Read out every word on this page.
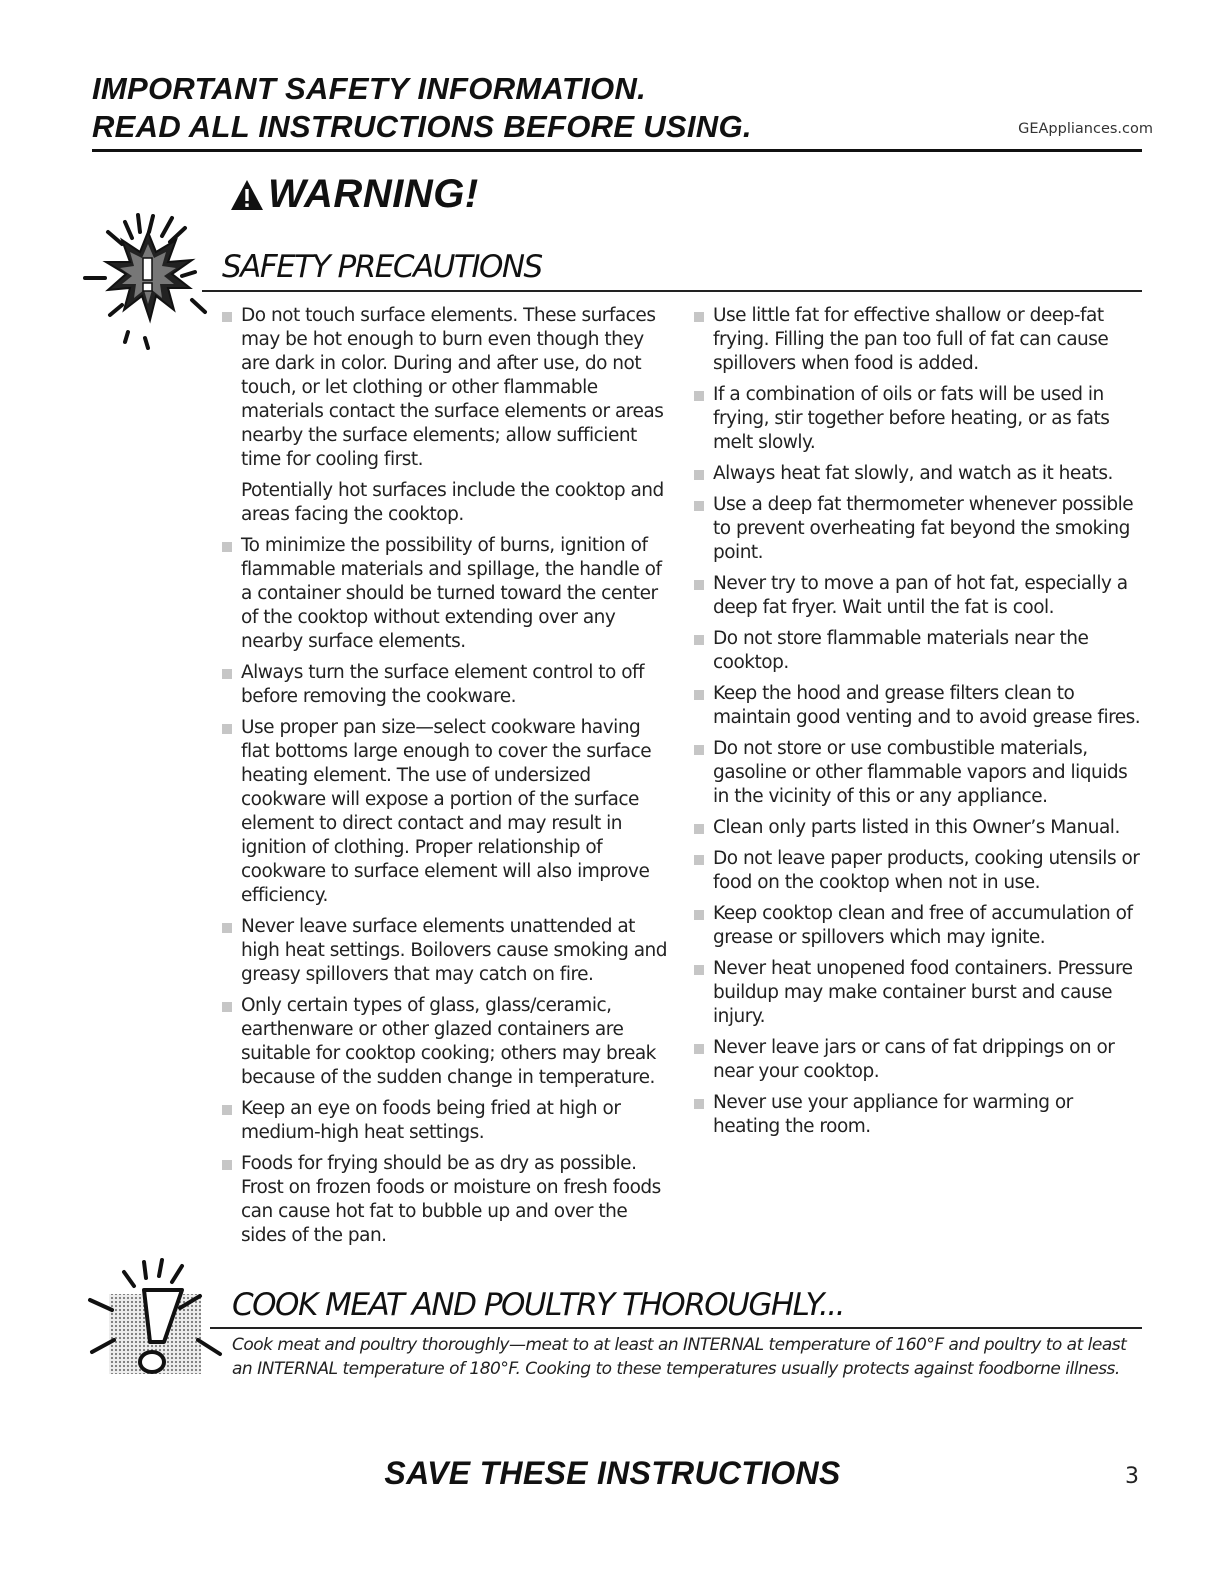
IMPORTANT SAFETY INFORMATION.
READ ALL INSTRUCTIONS BEFORE USING.	GEAppliances.com
WARNING!
SAFETY PRECAUTIONS
Do not touch surface elements. These surfaces may be hot enough to burn even though they are dark in color. During and after use, do not touch, or let clothing or other flammable materials contact the surface elements or areas nearby the surface elements; allow sufficient time for cooling first.
Potentially hot surfaces include the cooktop and areas facing the cooktop.
To minimize the possibility of burns, ignition of flammable materials and spillage, the handle of a container should be turned toward the center of the cooktop without extending over any nearby surface elements.
Always turn the surface element control to off before removing the cookware.
Use proper pan size—select cookware having flat bottoms large enough to cover the surface heating element. The use of undersized cookware will expose a portion of the surface element to direct contact and may result in ignition of clothing. Proper relationship of cookware to surface element will also improve efficiency.
Never leave surface elements unattended at high heat settings. Boilovers cause smoking and greasy spillovers that may catch on fire.
Only certain types of glass, glass/ceramic, earthenware or other glazed containers are suitable for cooktop cooking; others may break because of the sudden change in temperature.
Keep an eye on foods being fried at high or medium-high heat settings.
Foods for frying should be as dry as possible. Frost on frozen foods or moisture on fresh foods can cause hot fat to bubble up and over the sides of the pan.
Use little fat for effective shallow or deep-fat frying. Filling the pan too full of fat can cause spillovers when food is added.
If a combination of oils or fats will be used in frying, stir together before heating, or as fats melt slowly.
Always heat fat slowly, and watch as it heats.
Use a deep fat thermometer whenever possible to prevent overheating fat beyond the smoking point.
Never try to move a pan of hot fat, especially a deep fat fryer. Wait until the fat is cool.
Do not store flammable materials near the cooktop.
Keep the hood and grease filters clean to maintain good venting and to avoid grease fires.
Do not store or use combustible materials, gasoline or other flammable vapors and liquids in the vicinity of this or any appliance.
Clean only parts listed in this Owner’s Manual.
Do not leave paper products, cooking utensils or food on the cooktop when not in use.
Keep cooktop clean and free of accumulation of grease or spillovers which may ignite.
Never heat unopened food containers. Pressure buildup may make container burst and cause injury.
Never leave jars or cans of fat drippings on or near your cooktop.
Never use your appliance for warming or heating the room.
COOK MEAT AND POULTRY THOROUGHLY...
Cook meat and poultry thoroughly—meat to at least an INTERNAL temperature of 160°F and poultry to at least an INTERNAL temperature of 180°F. Cooking to these temperatures usually protects against foodborne illness.
SAVE THESE INSTRUCTIONS	3
